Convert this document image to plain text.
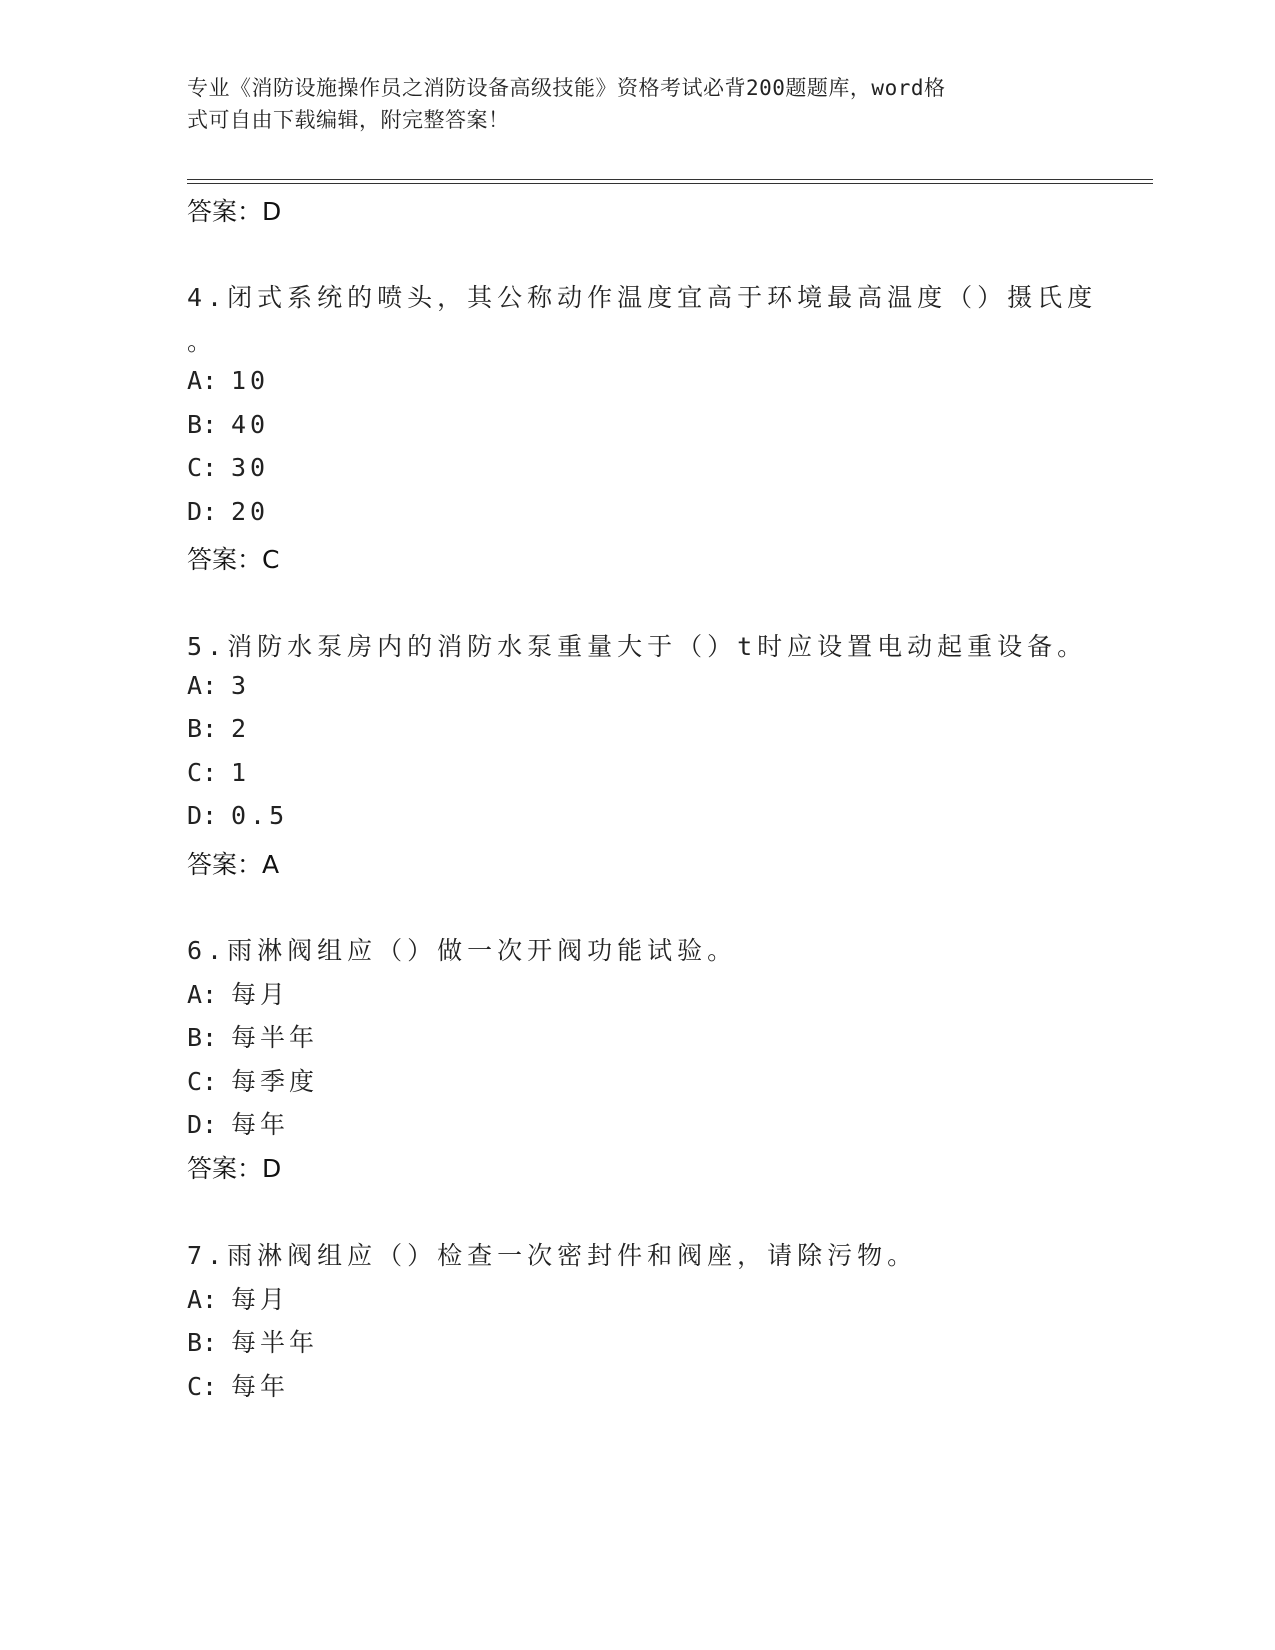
专业《消防设施操作员之消防设备高级技能》资格考试必背200题题库，word格
式可自由下载编辑，附完整答案！
答案：D
4.闭式系统的喷头，其公称动作温度宜高于环境最高温度（）摄氏度
。
A: 10
B: 40
C: 30
D: 20
答案：C
5.消防水泵房内的消防水泵重量大于（）t时应设置电动起重设备。
A: 3
B: 2
C: 1
D: 0.5
答案：A
6.雨淋阀组应（）做一次开阀功能试验。
A: 每月
B: 每半年
C: 每季度
D: 每年
答案：D
7.雨淋阀组应（）检查一次密封件和阀座，请除污物。
A: 每月
B: 每半年
C: 每年
